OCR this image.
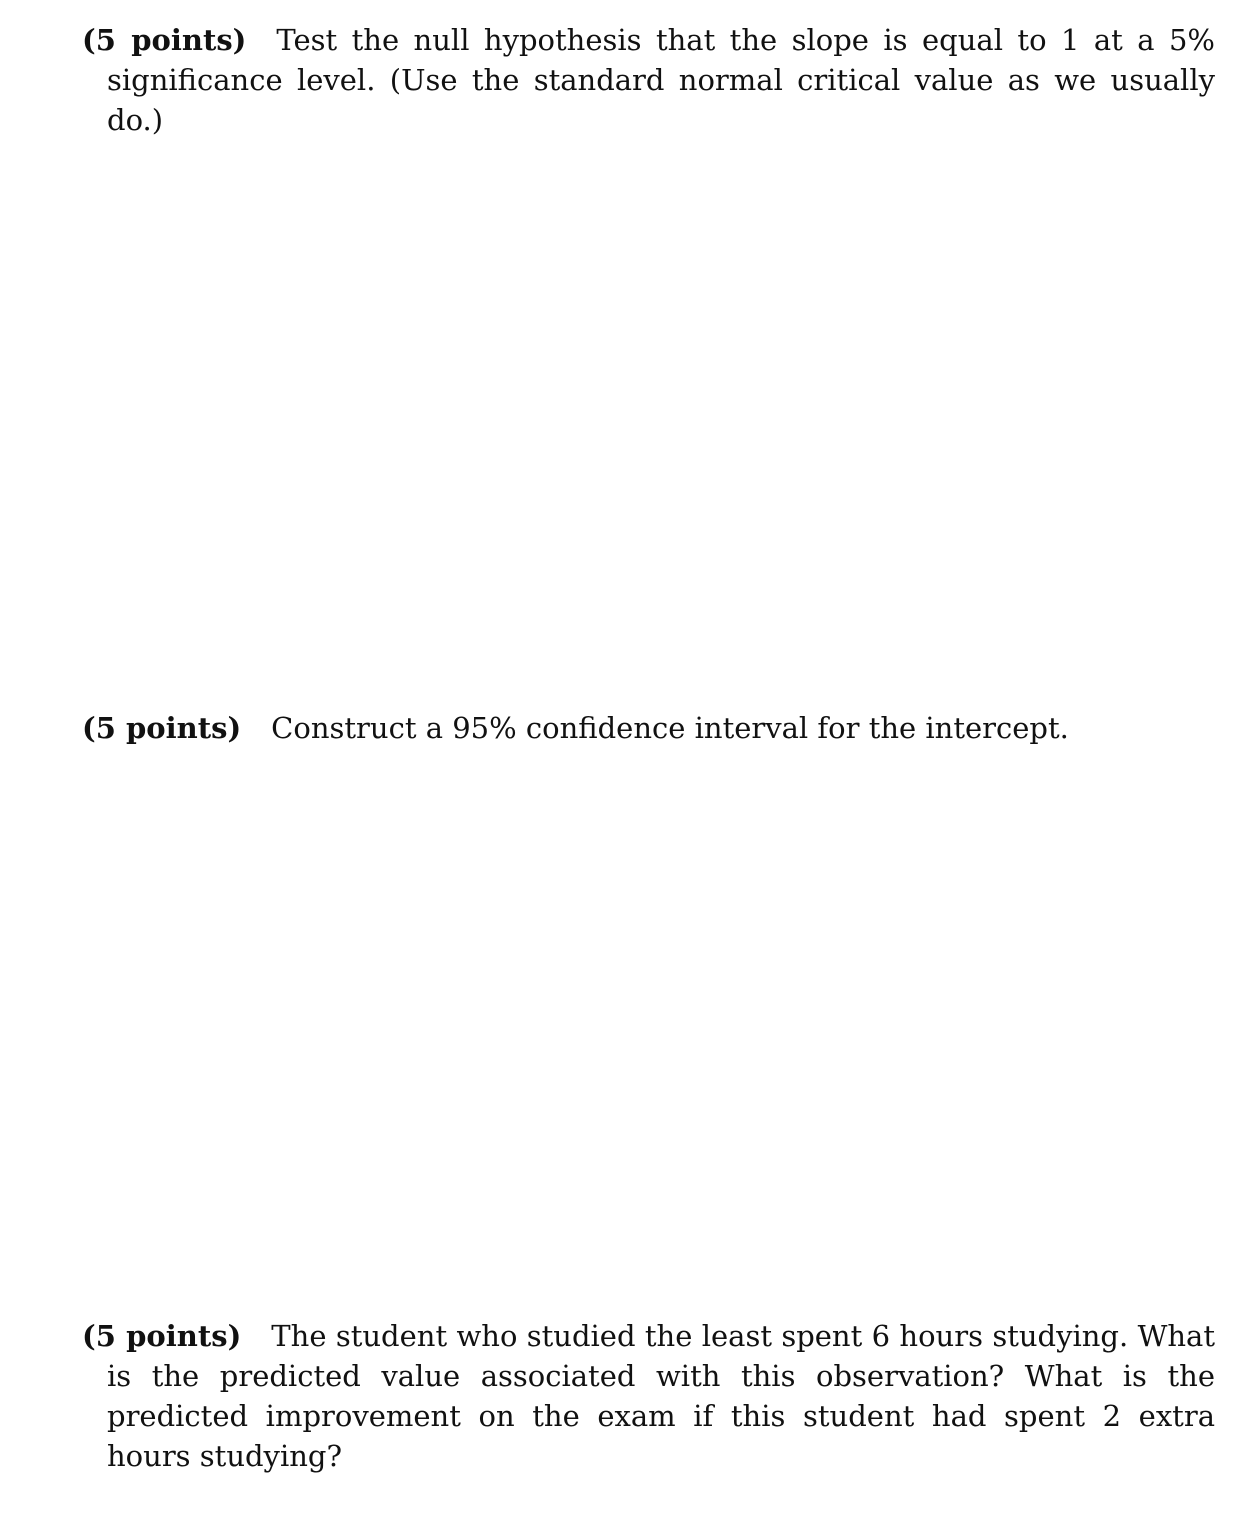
(5 points) Test the null hypothesis that the slope is equal to 1 at a 5% significance level. (Use the standard normal critical value as we usually do.)
(5 points) Construct a 95% confidence interval for the intercept.
(5 points) The student who studied the least spent 6 hours studying. What is the predicted value associated with this observation? What is the predicted improvement on the exam if this student had spent 2 extra hours studying?
